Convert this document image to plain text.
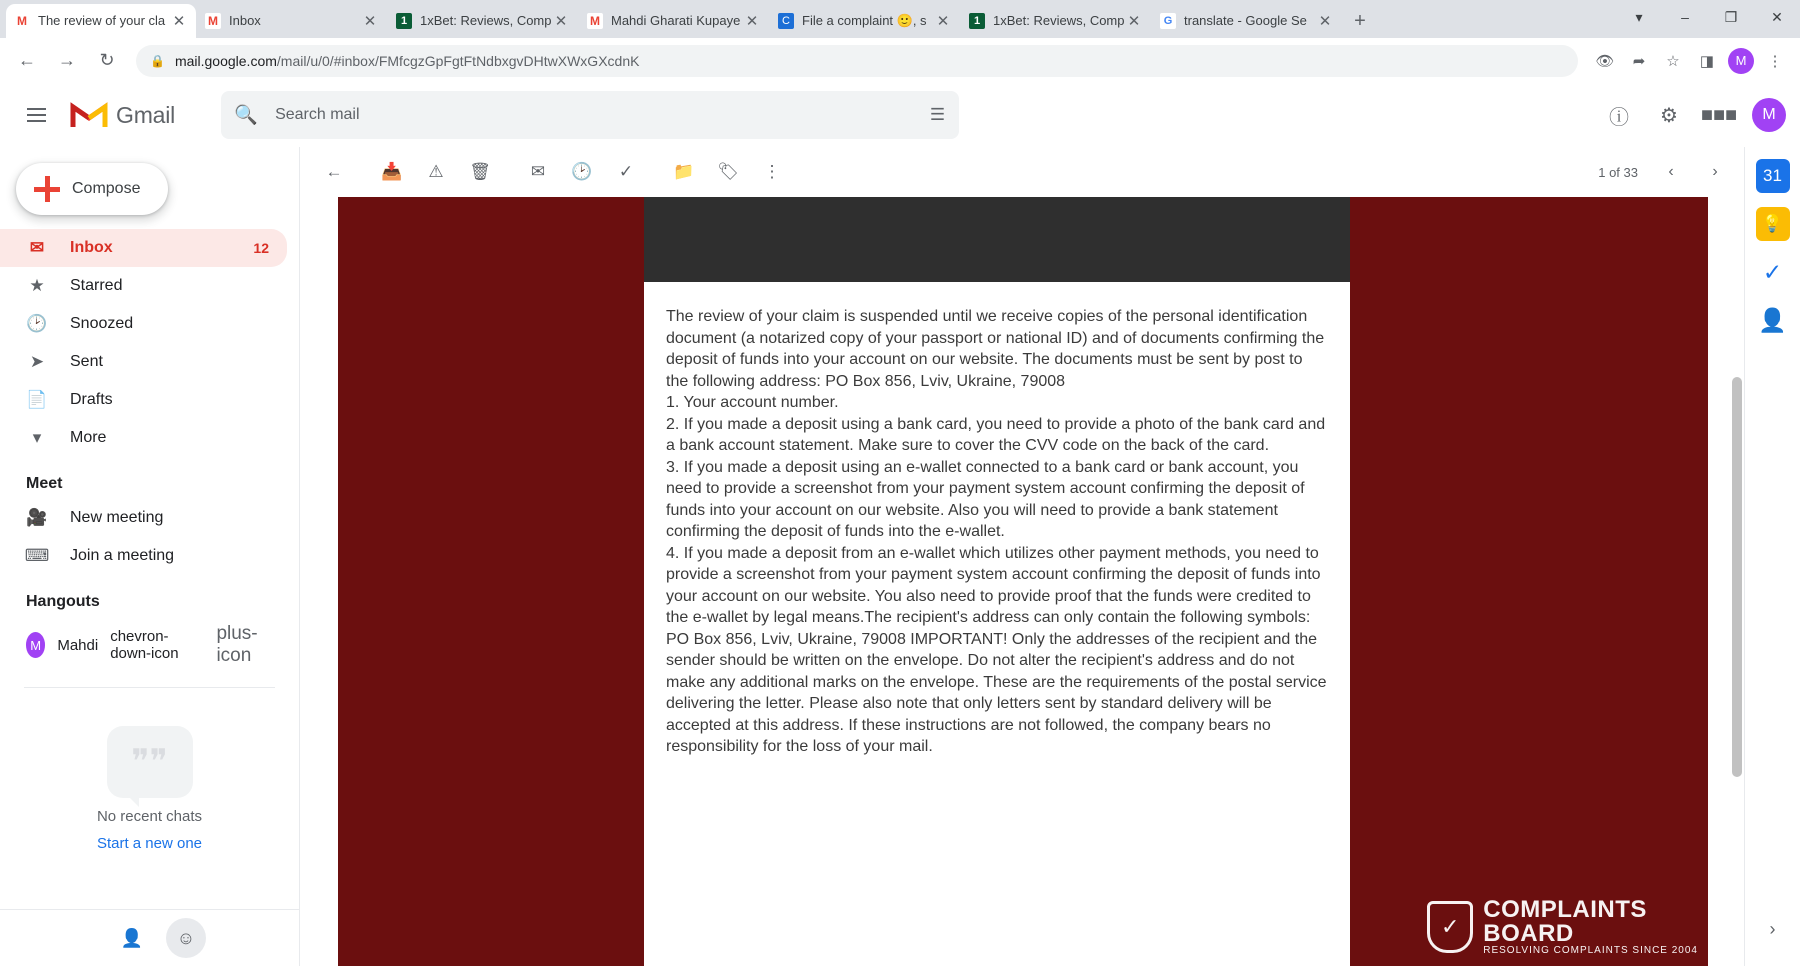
M
The review of your cla ✕ M	Inbox	✕	1 1xBet: Reviews, Comp ✕ M	Mahdi Gharati Kupaye ✕	C File a complaint 🙂, s ✕	1 1xBet: Reviews, Comp ✕	G translate - Google Se ✕	+	▾	–	❐	✕
←	→	↻	🔒 mail.google.com/mail/u/0/#inbox/FMfcgzGpFgtFtNdbxgvDHtwXWxGXcdnK	👁	➦	☆	◨	M	⋮
Gmail	🔍
Search mail	☰	ⓘ	⚙	■■■	M
Compose
✉ Inbox	12
★ Starred
🕑 Snoozed
➤ Sent
📄 Drafts
▾	More
Meet
🎥 New meeting
⌨ Join a meeting
Hangouts
M Mahdi chevron-down-icon
plus-icon
❞❞
No recent chats
Start a new one
👤	☺
←	📥	⚠	🗑	✉	🕑	✓	📁	🏷	⋮	1 of 33	‹	›

The review of your claim is suspended until we receive copies of the personal identification document (a notarized copy of your passport or national ID) and of documents confirming the deposit of funds into your account on our website. The documents must be sent by post to the following address: PO Box 856, Lviv, Ukraine, 79008

1. Your account number.

2. If you made a deposit using a bank card, you need to provide a photo of the bank card and a bank account statement. Make sure to cover the CVV code on the back of the card.

3. If you made a deposit using an e-wallet connected to a bank card or bank account, you need to provide a screenshot from your payment system account confirming the deposit of funds into your account on our website. Also you will need to provide a bank statement confirming the deposit of funds into the e-wallet.

4. If you made a deposit from an e-wallet which utilizes other payment methods, you need to provide a screenshot from your payment system account confirming the deposit of funds into your account on our website. You also need to provide proof that the funds were credited to the e-wallet by legal means.The recipient's address can only contain the following symbols: PO Box 856, Lviv, Ukraine, 79008 IMPORTANT! Only the addresses of the recipient and the sender should be written on the envelope. Do not alter the recipient's address and do not make any additional marks on the envelope. These are the requirements of the postal service delivering the letter. Please also note that only letters sent by standard delivery will be accepted at this address. If these instructions are not followed, the company bears no responsibility for the loss of your mail.

✓
COMPLAINTS
BOARD
RESOLVING COMPLAINTS SINCE 2004
31
💡
✓
👤
›
